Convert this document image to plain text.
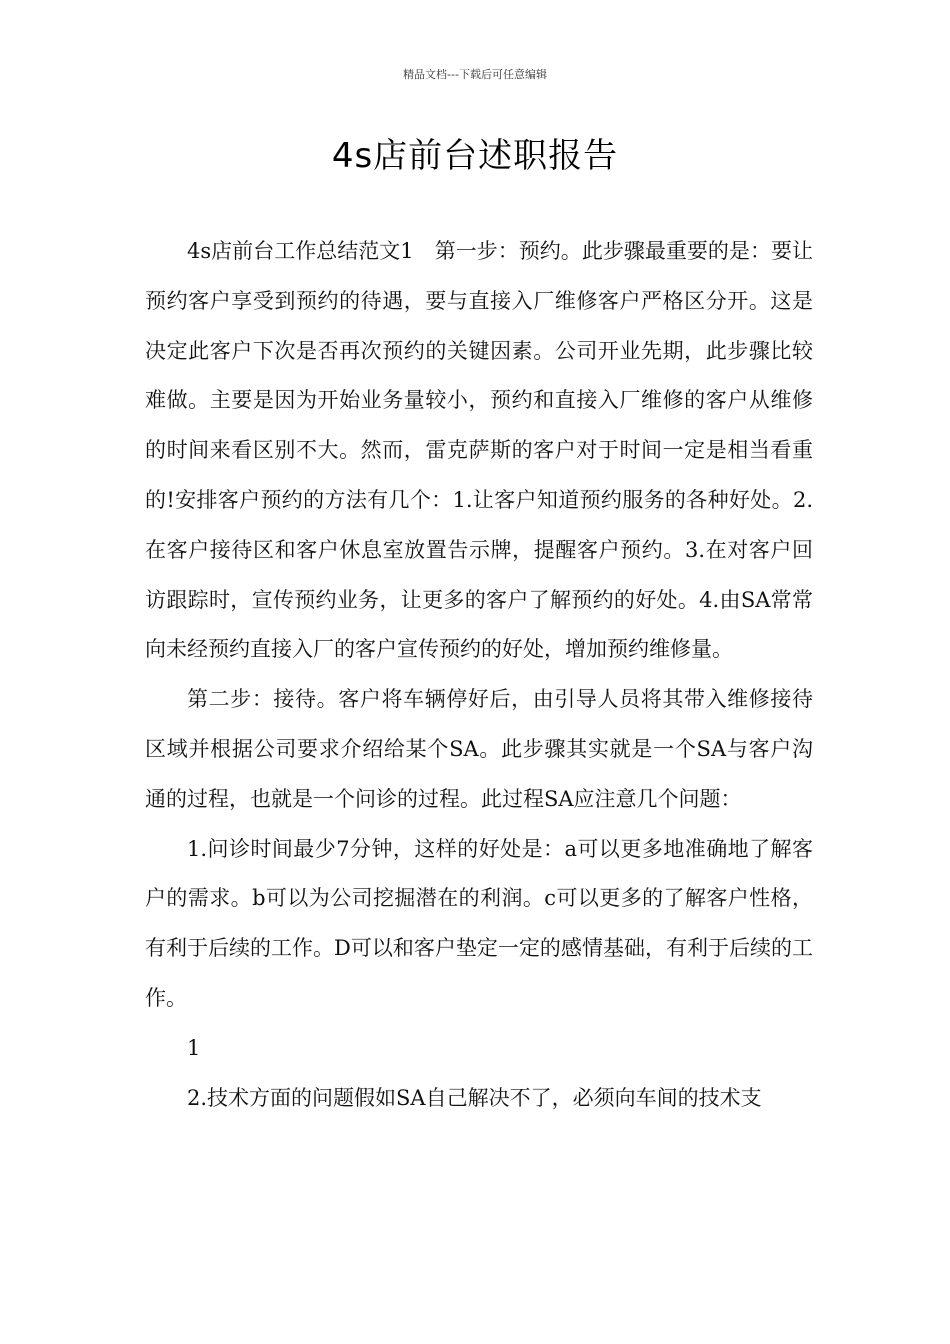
精品文档---下载后可任意编辑
4s店前台述职报告

4s店前台工作总结范文1　第一步：预约。此步骤最重要的是：要让预约客户享受到预约的待遇，要与直接入厂维修客户严格区分开。这是决定此客户下次是否再次预约的关键因素。公司开业先期，此步骤比较难做。主要是因为开始业务量较小，预约和直接入厂维修的客户从维修的时间来看区别不大。然而，雷克萨斯的客户对于时间一定是相当看重的!安排客户预约的方法有几个：1.让客户知道预约服务的各种好处。2.在客户接待区和客户休息室放置告示牌，提醒客户预约。3.在对客户回访跟踪时，宣传预约业务，让更多的客户了解预约的好处。4.由SA常常向未经预约直接入厂的客户宣传预约的好处，增加预约维修量。

第二步：接待。客户将车辆停好后，由引导人员将其带入维修接待区域并根据公司要求介绍给某个SA。此步骤其实就是一个SA与客户沟通的过程，也就是一个问诊的过程。此过程SA应注意几个问题：

1.问诊时间最少7分钟，这样的好处是：a可以更多地准确地了解客户的需求。b可以为公司挖掘潜在的利润。c可以更多的了解客户性格，有利于后续的工作。D可以和客户垫定一定的感情基础，有利于后续的工作。

1

2.技术方面的问题假如SA自己解决不了，必须向车间的技术支
